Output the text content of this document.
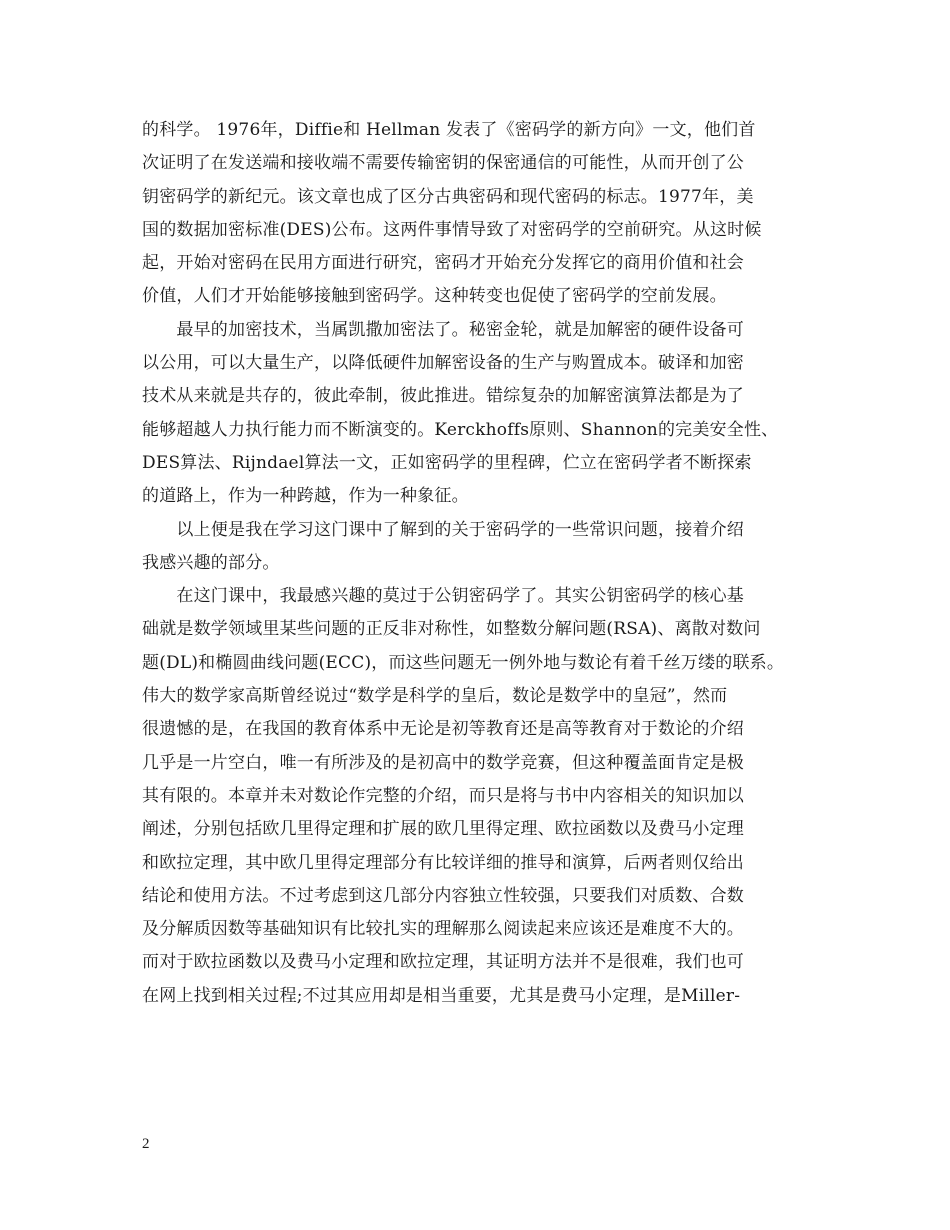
的科学。 1976年，Diffie和 Hellman 发表了《密码学的新方向》一文，他们首
次证明了在发送端和接收端不需要传输密钥的保密通信的可能性，从而开创了公
钥密码学的新纪元。该文章也成了区分古典密码和现代密码的标志。1977年，美
国的数据加密标准(DES)公布。这两件事情导致了对密码学的空前研究。从这时候
起，开始对密码在民用方面进行研究，密码才开始充分发挥它的商用价值和社会
价值，人们才开始能够接触到密码学。这种转变也促使了密码学的空前发展。
　　最早的加密技术，当属凯撒加密法了。秘密金轮，就是加解密的硬件设备可
以公用，可以大量生产，以降低硬件加解密设备的生产与购置成本。破译和加密
技术从来就是共存的，彼此牵制，彼此推进。错综复杂的加解密演算法都是为了
能够超越人力执行能力而不断演变的。Kerckhoffs原则、Shannon的完美安全性、
DES算法、Rijndael算法一文，正如密码学的里程碑，伫立在密码学者不断探索
的道路上，作为一种跨越，作为一种象征。
　　以上便是我在学习这门课中了解到的关于密码学的一些常识问题，接着介绍
我感兴趣的部分。
　　在这门课中，我最感兴趣的莫过于公钥密码学了。其实公钥密码学的核心基
础就是数学领域里某些问题的正反非对称性，如整数分解问题(RSA)、离散对数问
题(DL)和椭圆曲线问题(ECC)，而这些问题无一例外地与数论有着千丝万缕的联系。
伟大的数学家高斯曾经说过“数学是科学的皇后，数论是数学中的皇冠”，然而
很遗憾的是，在我国的教育体系中无论是初等教育还是高等教育对于数论的介绍
几乎是一片空白，唯一有所涉及的是初高中的数学竞赛，但这种覆盖面肯定是极
其有限的。本章并未对数论作完整的介绍，而只是将与书中内容相关的知识加以
阐述，分别包括欧几里得定理和扩展的欧几里得定理、欧拉函数以及费马小定理
和欧拉定理，其中欧几里得定理部分有比较详细的推导和演算，后两者则仅给出
结论和使用方法。不过考虑到这几部分内容独立性较强，只要我们对质数、合数
及分解质因数等基础知识有比较扎实的理解那么阅读起来应该还是难度不大的。
而对于欧拉函数以及费马小定理和欧拉定理，其证明方法并不是很难，我们也可
在网上找到相关过程;不过其应用却是相当重要，尤其是费马小定理，是Miller-
2
